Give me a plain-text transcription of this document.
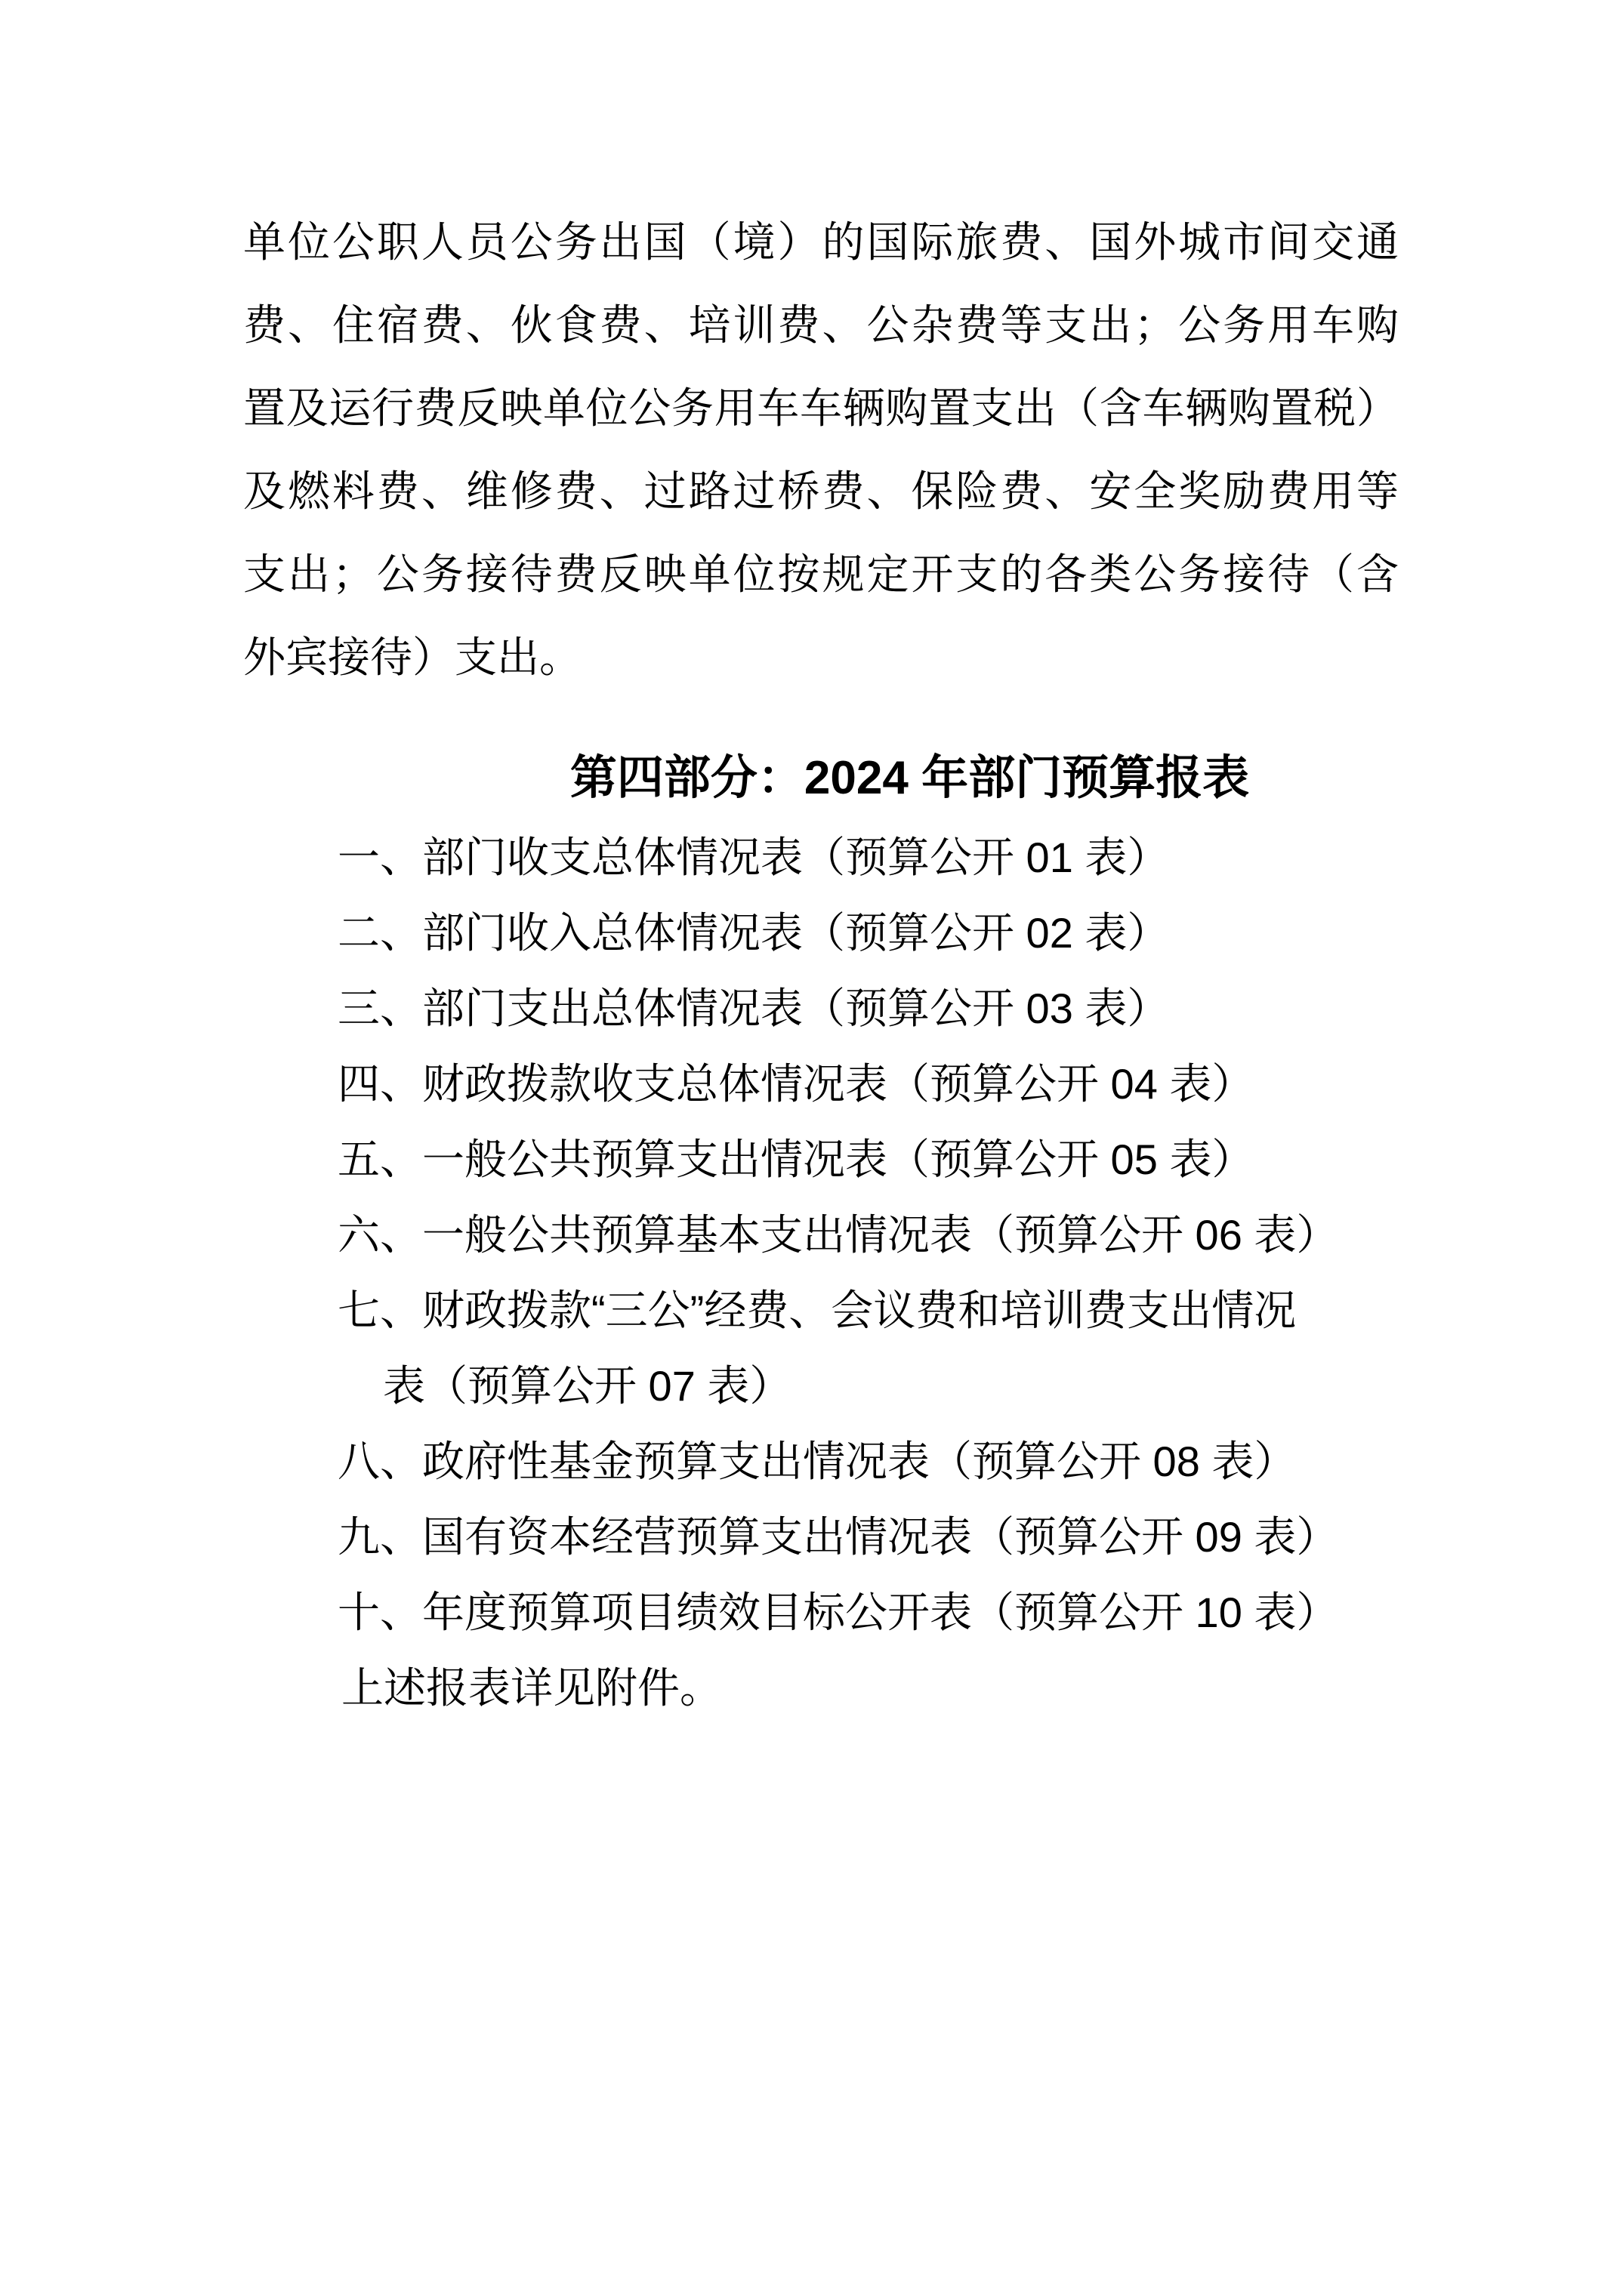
单位公职人员公务出国（境）的国际旅费、国外城市间交通
费、住宿费、伙食费、培训费、公杂费等支出；公务用车购
置及运行费反映单位公务用车车辆购置支出（含车辆购置税）
及燃料费、维修费、过路过桥费、保险费、安全奖励费用等
支出；公务接待费反映单位按规定开支的各类公务接待（含
外宾接待）支出。
第四部分：2024 年部门预算报表
一、部门收支总体情况表（预算公开 01 表）
二、部门收入总体情况表（预算公开 02 表）
三、部门支出总体情况表（预算公开 03 表）
四、财政拨款收支总体情况表（预算公开 04 表）
五、一般公共预算支出情况表（预算公开 05 表）
六、一般公共预算基本支出情况表（预算公开 06 表）
七、财政拨款“三公”经费、会议费和培训费支出情况
表（预算公开 07 表）
八、政府性基金预算支出情况表（预算公开 08 表）
九、国有资本经营预算支出情况表（预算公开 09 表）
十、年度预算项目绩效目标公开表（预算公开 10 表）
上述报表详见附件。
